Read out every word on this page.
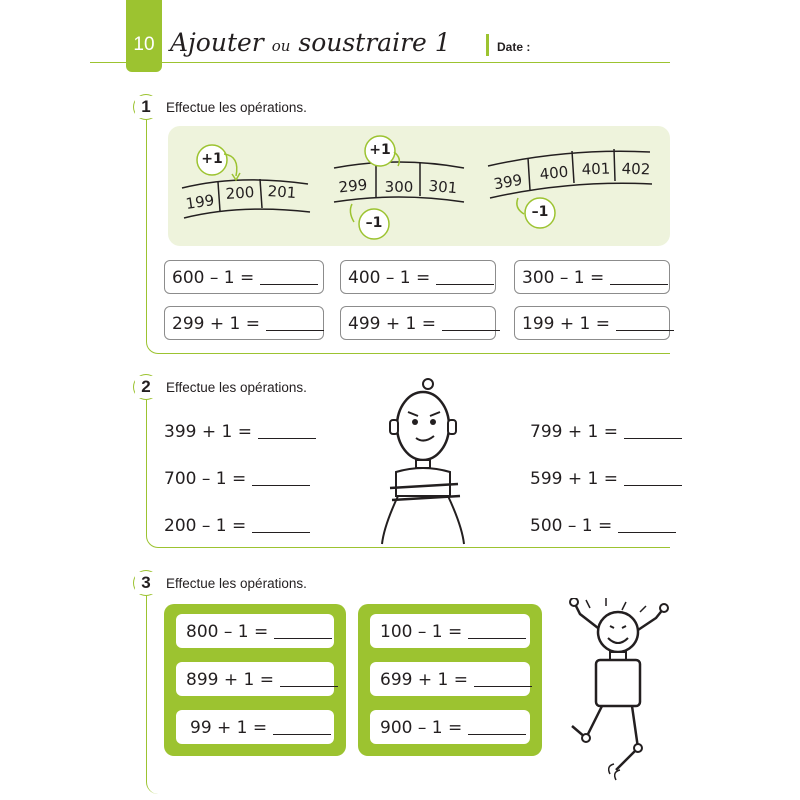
10 Ajouter ou soustraire 1	Date :
1	Effectue les opérations.
199 200 201
+1
299	300 301
+1
–1
399	400 401 402
–1
600 – 1 =	400 – 1 =	300 – 1 =
299 + 1 =	499 + 1 =	199 + 1 =
2	Effectue les opérations.
399 + 1 =
700 – 1 =
200 – 1 =
799 + 1 =
599 + 1 =
500 – 1 =
3	Effectue les opérations.
800 – 1 =
899 + 1 =
99 + 1 =
100 – 1 =
699 + 1 =
900 – 1 =
